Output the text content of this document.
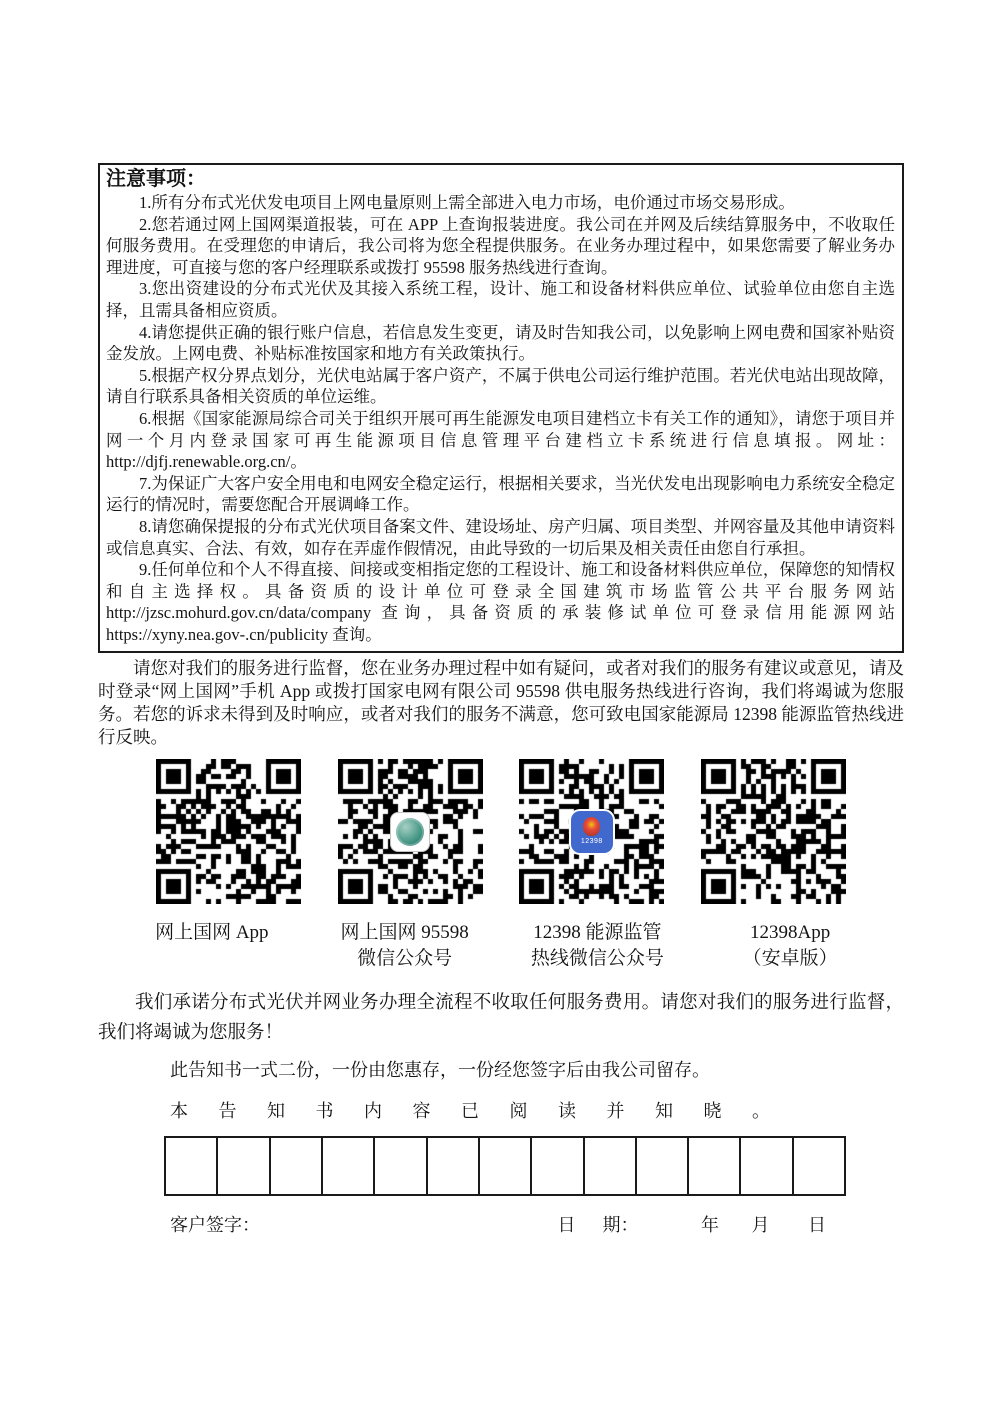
注意事项：

1.所有分布式光伏发电项目上网电量原则上需全部进入电力市场，电价通过市场交易形成。

2.您若通过网上国网渠道报装，可在 APP 上查询报装进度。我公司在并网及后续结算服务中，不收取任何服务费用。在受理您的申请后，我公司将为您全程提供服务。在业务办理过程中，如果您需要了解业务办理进度，可直接与您的客户经理联系或拨打 95598 服务热线进行查询。

3.您出资建设的分布式光伏及其接入系统工程，设计、施工和设备材料供应单位、试验单位由您自主选择，且需具备相应资质。

4.请您提供正确的银行账户信息，若信息发生变更，请及时告知我公司，以免影响上网电费和国家补贴资金发放。上网电费、补贴标准按国家和地方有关政策执行。

5.根据产权分界点划分，光伏电站属于客户资产，不属于供电公司运行维护范围。若光伏电站出现故障，请自行联系具备相关资质的单位运维。

6.根据《国家能源局综合司关于组织开展可再生能源发电项目建档立卡有关工作的通知》，请您于项目并网一个月内登录国家可再生能源项目信息管理平台建档立卡系统进行信息填报。网址：http://djfj.renewable.org.cn/。

7.为保证广大客户安全用电和电网安全稳定运行，根据相关要求，当光伏发电出现影响电力系统安全稳定运行的情况时，需要您配合开展调峰工作。

8.请您确保提报的分布式光伏项目备案文件、建设场址、房产归属、项目类型、并网容量及其他申请资料或信息真实、合法、有效，如存在弄虚作假情况，由此导致的一切后果及相关责任由您自行承担。

9.任何单位和个人不得直接、间接或变相指定您的工程设计、施工和设备材料供应单位，保障您的知情权和自主选择权。具备资质的设计单位可登录全国建筑市场监管公共平台服务网站 http://jzsc.mohurd.gov.cn/data/company 查询，具备资质的承装修试单位可登录信用能源网站 https://xyny.nea.gov-.cn/publicity 查询。

请您对我们的服务进行监督，您在业务办理过程中如有疑问，或者对我们的服务有建议或意见，请及时登录“网上国网”手机 App 或拨打国家电网有限公司 95598 供电服务热线进行咨询，我们将竭诚为您服务。若您的诉求未得到及时响应，或者对我们的服务不满意，您可致电国家能源局 12398 能源监管热线进行反映。

12398
网上国网 App	网上国网 95598
微信公众号
12398 能源监管
热线微信公众号
12398App
（安卓版）

我们承诺分布式光伏并网业务办理全流程不收取任何服务费用。请您对我们的服务进行监督，我们将竭诚为您服务！

此告知书一式二份，一份由您惠存，一份经您签字后由我公司留存。

本 告 知 书 内 容 已 阅 读 并 知 晓 。

客户签字：	日      期：	年 月 日
